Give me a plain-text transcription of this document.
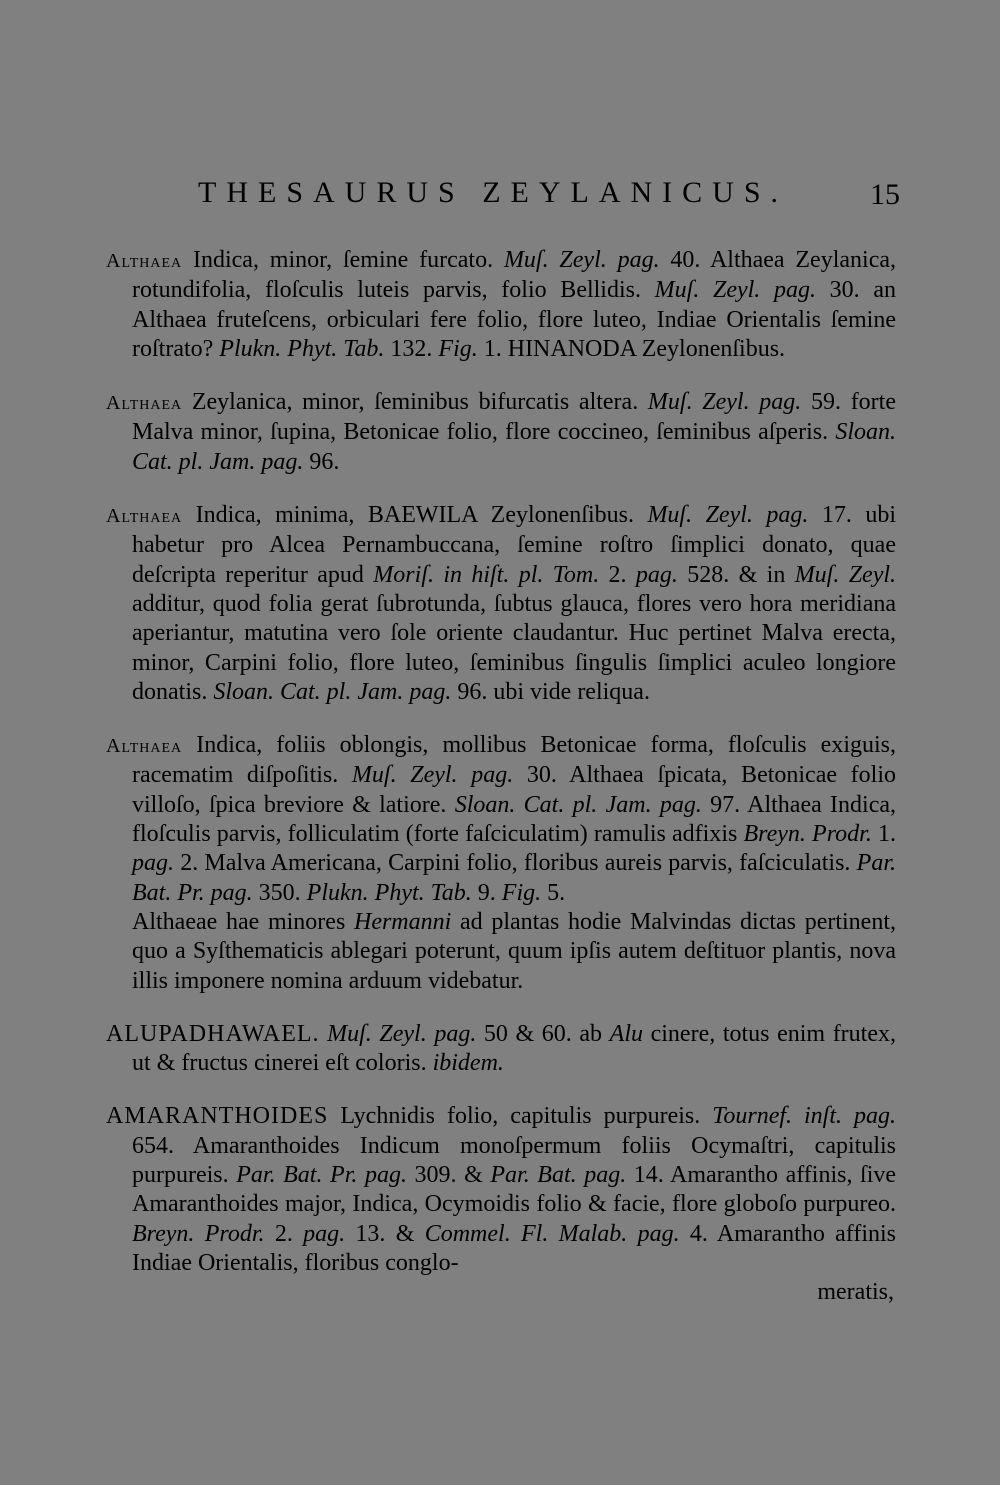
THESAURUS ZEYLANICUS.	15
Althaea Indica, minor, ſemine furcato. Muſ. Zeyl. pag. 40. Althaea Zeylanica, rotundifolia, floſculis luteis parvis, folio Bellidis. Muſ. Zeyl. pag. 30. an Althaea fruteſcens, orbiculari fere folio, flore luteo, Indiae Orientalis ſemine roſtrato? Plukn. Phyt. Tab. 132. Fig. 1. HINANODA Zeylonenſibus.
Althaea Zeylanica, minor, ſeminibus bifurcatis altera. Muſ. Zeyl. pag. 59. forte Malva minor, ſupina, Betonicae folio, flore coccineo, ſeminibus aſperis. Sloan. Cat. pl. Jam. pag. 96.
Althaea Indica, minima, BAEWILA Zeylonenſibus. Muſ. Zeyl. pag. 17. ubi habetur pro Alcea Pernambuccana, ſemine roſtro ſimplici donato, quae deſcripta reperitur apud Moriſ. in hiſt. pl. Tom. 2. pag. 528. & in Muſ. Zeyl. additur, quod folia gerat ſubrotunda, ſubtus glauca, flores vero hora meridiana aperiantur, matutina vero ſole oriente claudantur. Huc pertinet Malva erecta, minor, Carpini folio, flore luteo, ſeminibus ſingulis ſimplici aculeo longiore donatis. Sloan. Cat. pl. Jam. pag. 96. ubi vide reliqua.
Althaea Indica, foliis oblongis, mollibus Betonicae forma, floſculis exiguis, racematim diſpoſitis. Muſ. Zeyl. pag. 30. Althaea ſpicata, Betonicae folio villoſo, ſpica breviore & latiore. Sloan. Cat. pl. Jam. pag. 97. Althaea Indica, floſculis parvis, folliculatim (forte faſciculatim) ramulis adfixis Breyn. Prodr. 1. pag. 2. Malva Americana, Carpini folio, floribus aureis parvis, faſciculatis. Par. Bat. Pr. pag. 350. Plukn. Phyt. Tab. 9. Fig. 5.

Althaeae hae minores Hermanni ad plantas hodie Malvindas dictas pertinent, quo a Syſthematicis ablegari poterunt, quum ipſis autem deſtituor plantis, nova illis imponere nomina arduum videbatur.

ALUPADHAWAEL. Muſ. Zeyl. pag. 50 & 60. ab Alu cinere, totus enim frutex, ut & fructus cinerei eſt coloris. ibidem.
AMARANTHOIDES Lychnidis folio, capitulis purpureis. Tournef. inſt. pag. 654. Amaranthoides Indicum monoſpermum foliis Ocymaſtri, capitulis purpureis. Par. Bat. Pr. pag. 309. & Par. Bat. pag. 14. Amarantho affinis, ſive Amaranthoides major, Indica, Ocymoidis folio & facie, flore globoſo purpureo. Breyn. Prodr. 2. pag. 13. & Commel. Fl. Malab. pag. 4. Amarantho affinis Indiae Orientalis, floribus conglo-

meratis,
